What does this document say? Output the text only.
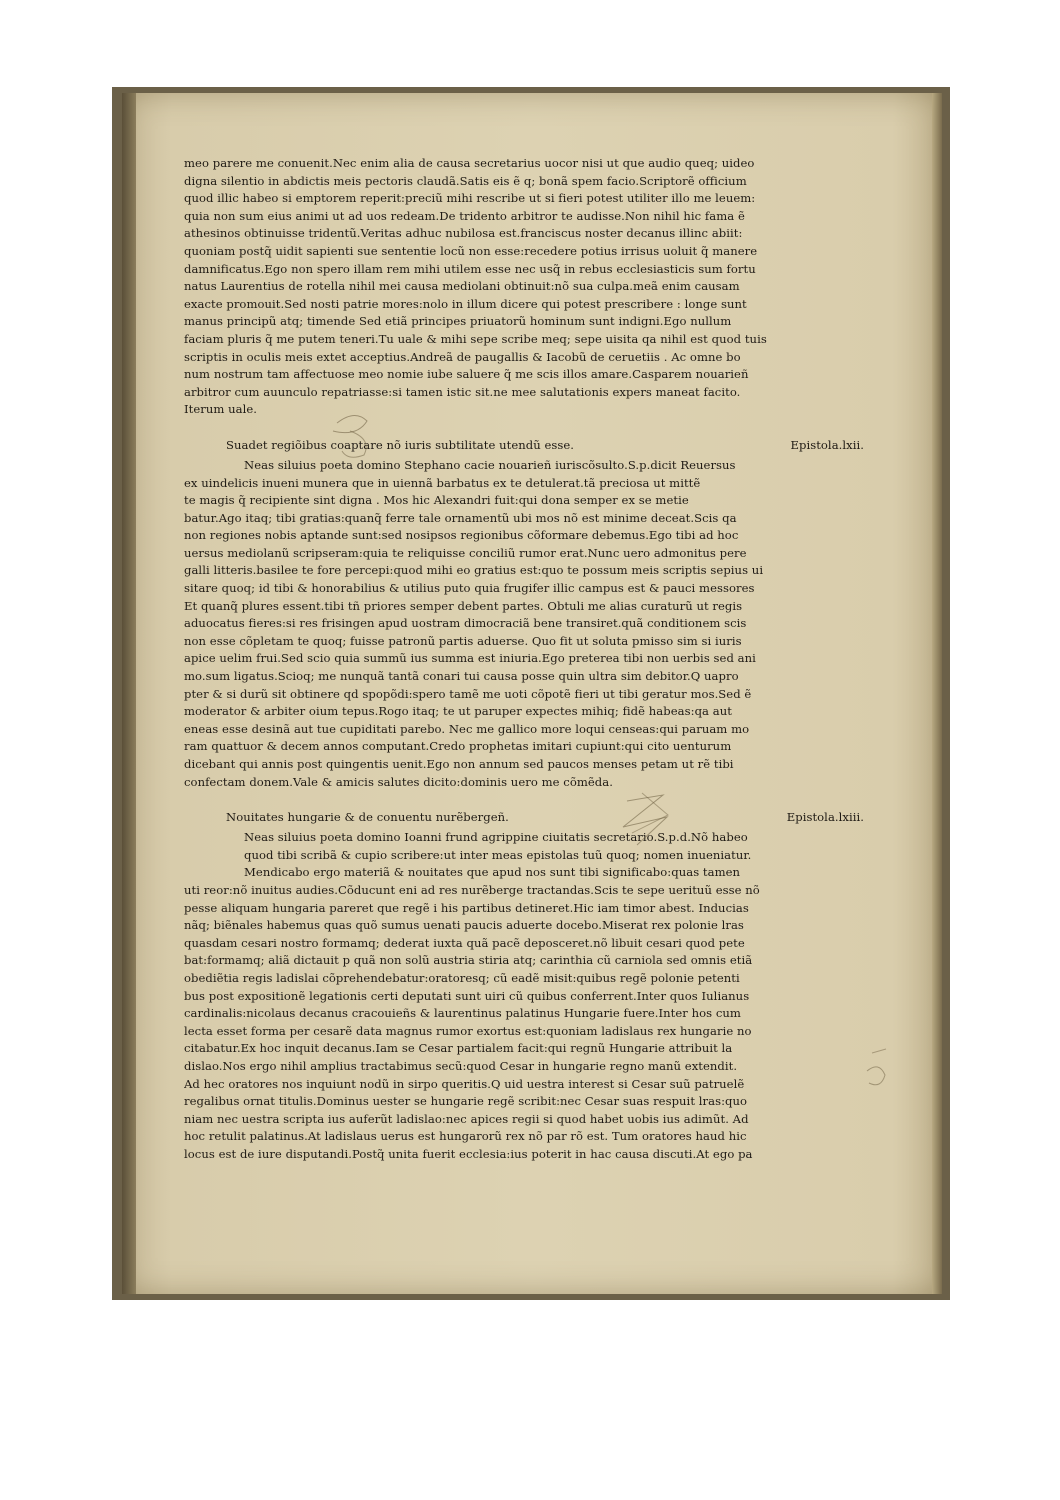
meo parere me conuenit.Nec enim alia de causa secretarius uocor nisi ut que audio queq; uideo
digna silentio in abdictis meis pectoris claudã.Satis eis ẽ q; bonã spem facio.Scriptorẽ officium
quod illic habeo si emptorem reperit:preciũ mihi rescribe ut si fieri potest utiliter illo me leuem:
quia non sum eius animi ut ad uos redeam.De tridento arbitror te audisse.Non nihil hic fama ẽ
athesinos obtinuisse tridentũ.Veritas adhuc nubilosa est.franciscus noster decanus illinc abiit:
quoniam postq̃ uidit sapienti sue sententie locũ non esse:recedere potius irrisus uoluit q̃ manere
damnificatus.Ego non spero illam rem mihi utilem esse nec usq̃ in rebus ecclesiasticis sum fortu
natus Laurentius de rotella nihil mei causa mediolani obtinuit:nõ sua culpa.meã enim causam
exacte promouit.Sed nosti patrie mores:nolo in illum dicere qui potest prescribere : longe sunt
manus principũ atq; timende Sed etiã principes priuatorũ hominum sunt indigni.Ego nullum
faciam pluris q̃ me putem teneri.Tu uale & mihi sepe scribe meq; sepe uisita qa nihil est quod tuis
scriptis in oculis meis extet acceptius.Andreã de paugallis & Iacobũ de ceruetiis . Ac omne bo
num nostrum tam affectuose meo nomie iube saluere q̃ me scis illos amare.Casparem nouarieñ
arbitror cum auunculo repatriasse:si tamen istic sit.ne mee salutationis expers maneat facito.
Iterum uale.
Suadet regiõibus coaptare nõ iuris subtilitate utendũ esse.	Epistola.lxii.
Neas siluius poeta domino Stephano cacie nouarieñ iuriscõsulto.S.p.dicit Reuersus
ex uindelicis inueni munera que in uiennã barbatus ex te detulerat.tã preciosa ut mittẽ
te magis q̃ recipiente sint digna . Mos hic Alexandri fuit:qui dona semper ex se metie
batur.Ago itaq; tibi gratias:quanq̃ ferre tale ornamentũ ubi mos nõ est minime deceat.Scis qa
non regiones nobis aptande sunt:sed nosipsos regionibus cõformare debemus.Ego tibi ad hoc
uersus mediolanũ scripseram:quia te reliquisse conciliũ rumor erat.Nunc uero admonitus pere
galli litteris.basilee te fore percepi:quod mihi eo gratius est:quo te possum meis scriptis sepius ui
sitare quoq; id tibi & honorabilius & utilius puto quia frugifer illic campus est & pauci messores
Et quanq̃ plures essent.tibi tñ priores semper debent partes. Obtuli me alias curaturũ ut regis
aduocatus fieres:si res frisingen apud uostram dimocraciã bene transiret.quã conditionem scis
non esse cõpletam te quoq; fuisse patronũ partis aduerse. Quo fit ut soluta pmisso sim si iuris
apice uelim frui.Sed scio quia summũ ius summa est iniuria.Ego preterea tibi non uerbis sed ani
mo.sum ligatus.Scioq; me nunquã tantã conari tui causa posse quin ultra sim debitor.Q uapro
pter & si durũ sit obtinere qd spopõdi:spero tamẽ me uoti cõpotẽ fieri ut tibi geratur mos.Sed ẽ
moderator & arbiter oium tepus.Rogo itaq; te ut paruper expectes mihiq; fidẽ habeas:qa aut
eneas esse desinã aut tue cupiditati parebo. Nec me gallico more loqui censeas:qui paruam mo
ram quattuor & decem annos computant.Credo prophetas imitari cupiunt:qui cito uenturum
dicebant qui annis post quingentis uenit.Ego non annum sed paucos menses petam ut rẽ tibi
confectam donem.Vale & amicis salutes dicito:dominis uero me cõmẽda.
Nouitates hungarie & de conuentu nurẽbergeñ.	Epistola.lxiii.
Neas siluius poeta domino Ioanni frund agrippine ciuitatis secretario.S.p.d.Nõ habeo
quod tibi scribã & cupio scribere:ut inter meas epistolas tuũ quoq; nomen inueniatur.
Mendicabo ergo materiã & nouitates que apud nos sunt tibi significabo:quas tamen
uti reor:nõ inuitus audies.Cõducunt eni ad res nurẽberge tractandas.Scis te sepe uerituũ esse nõ
pesse aliquam hungaria pareret que regẽ i his partibus detineret.Hic iam timor abest. Inducias
nãq; biẽnales habemus quas quõ sumus uenati paucis aduerte docebo.Miserat rex polonie lras
quasdam cesari nostro formamq; dederat iuxta quã pacẽ deposceret.nõ libuit cesari quod pete
bat:formamq; aliã dictauit p quã non solũ austria stiria atq; carinthia cũ carniola sed omnis etiã
obediẽtia regis ladislai cõprehendebatur:oratoresq; cũ eadẽ misit:quibus regẽ polonie petenti
bus post expositionẽ legationis certi deputati sunt uiri cũ quibus conferrent.Inter quos Iulianus
cardinalis:nicolaus decanus cracouieñs & laurentinus palatinus Hungarie fuere.Inter hos cum
lecta esset forma per cesarẽ data magnus rumor exortus est:quoniam ladislaus rex hungarie no
citabatur.Ex hoc inquit decanus.Iam se Cesar partialem facit:qui regnũ Hungarie attribuit la
dislao.Nos ergo nihil amplius tractabimus secũ:quod Cesar in hungarie regno manũ extendit.
Ad hec oratores nos inquiunt nodũ in sirpo queritis.Q uid uestra interest si Cesar suũ patruelẽ
regalibus ornat titulis.Dominus uester se hungarie regẽ scribit:nec Cesar suas respuit lras:quo
niam nec uestra scripta ius auferũt ladislao:nec apices regii si quod habet uobis ius adimũt. Ad
hoc retulit palatinus.At ladislaus uerus est hungarorũ rex nõ par rõ est. Tum oratores haud hic
locus est de iure disputandi.Postq̃ unita fuerit ecclesia:ius poterit in hac causa discuti.At ego pa
